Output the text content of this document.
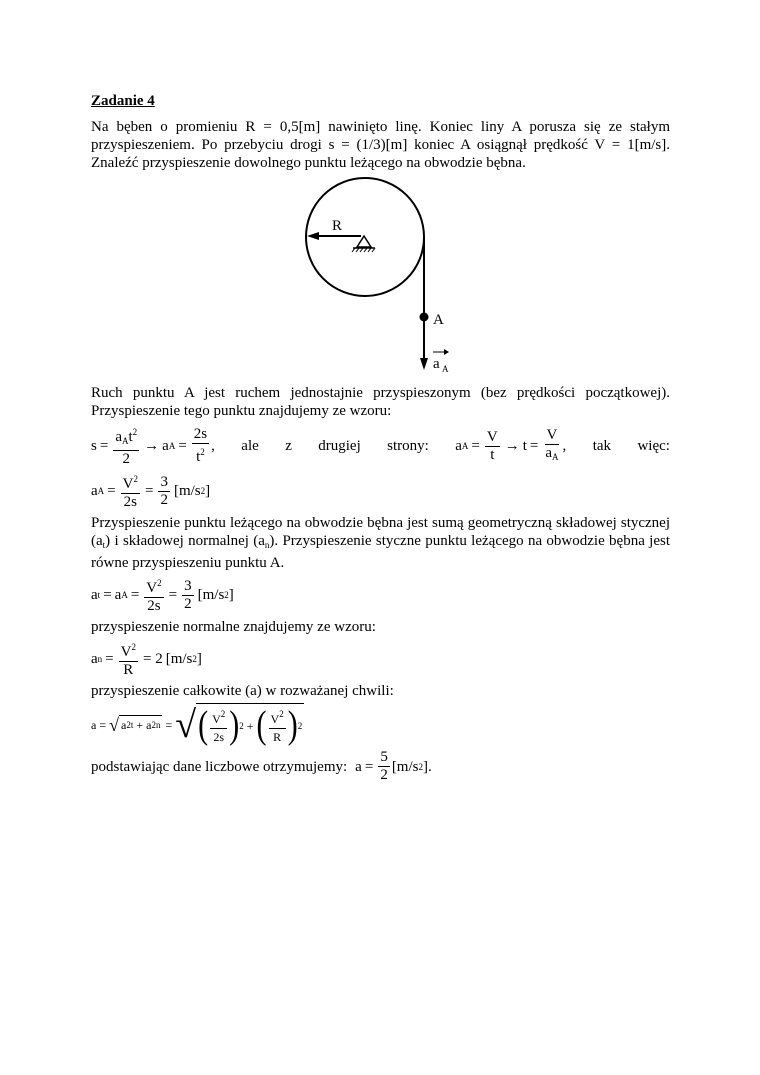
Zadanie 4

Na bęben o promieniu R = 0,5[m] nawinięto linę. Koniec liny A porusza się ze stałym przyspieszeniem. Po przebyciu drogi s = (1/3)[m] koniec A osiągnął prędkość V = 1[m/s]. Znaleźć przyspieszenie dowolnego punktu leżącego na obwodzie bębna.

R
A
a A

Ruch punktu A jest ruchem jednostajnie przyspieszonym (bez prędkości początkowej). Przyspieszenie tego punktu znajdujemy ze wzoru:

$s = \frac{a_At^2}{2} \to a$ $A = \frac{2s}{t^2}$ , ale z drugiej strony: a $A = \frac{V}{t} \to t = \frac{V}{a_A}$ , tak więc:
a $A = \frac{V^2}{2s} = \frac{3}{2} [m/s$ 2 ]

Przyspieszenie punktu leżącego na obwodzie bębna jest sumą geometryczną składowej stycznej $(a_t)$ i składowej normalnej $(a_n)$. Przyspieszenie styczne punktu leżącego na obwodzie bębna jest równe przyspieszeniu punktu A.

a t = a $A = \frac{V^2}{2s} = \frac{3}{2} [m/s$ 2 ]

przyspieszenie normalne znajdujemy ze wzoru:

a $n = \frac{V^2}{R} = 2$ [m/s 2 ]

przyspieszenie całkowite (a) w rozważanej chwili:

a = √ a 2 t + a 2 n = √ ( $\frac{V^2}{2s}$ ) 2 + ( $\frac{V^2}{R}$ ) 2
podstawiając dane liczbowe otrzymujemy: $a = \frac{5}{2} [m/s$ 2 ] .
